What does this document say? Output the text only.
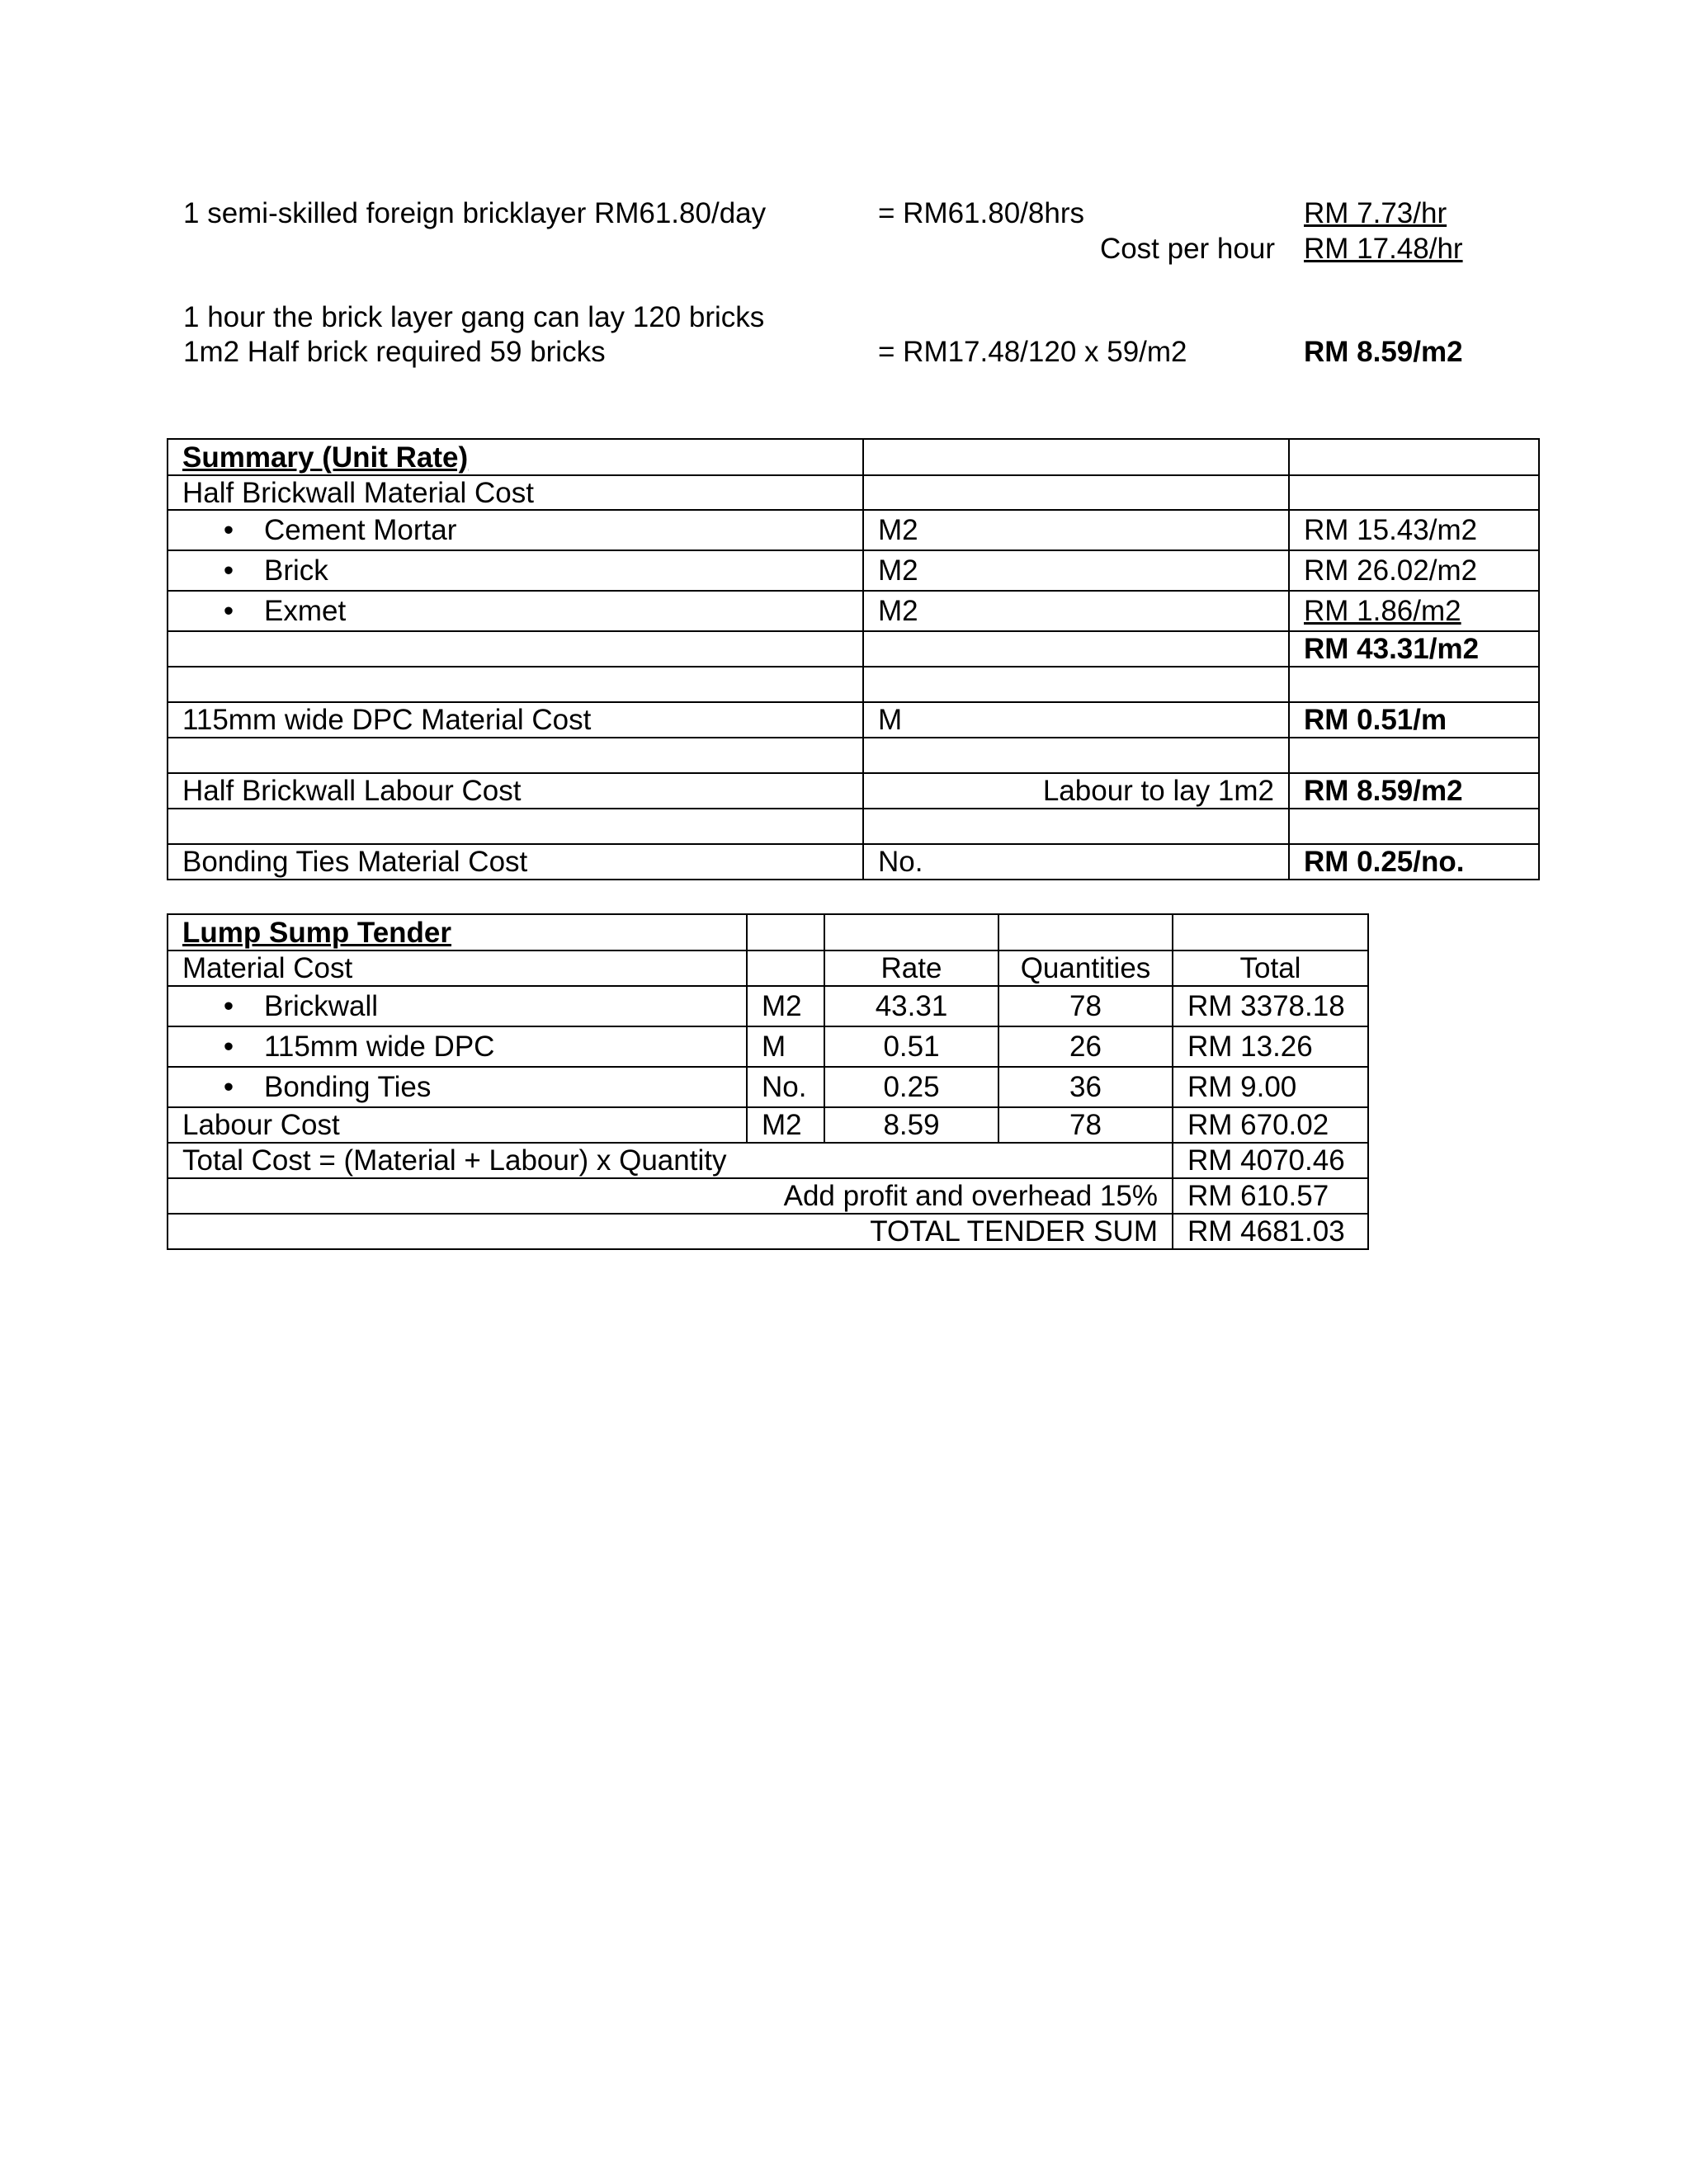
1 semi-skilled foreign bricklayer RM61.80/day	= RM61.80/8hrs	RM 7.73/hr
Cost per hour RM 17.48/hr
1 hour the brick layer gang can lay 120 bricks
1m2 Half brick required 59 bricks	= RM17.48/120 x 59/m2	RM 8.59/m2
Summary (Unit Rate)		
Half Brickwall Material Cost		
• Cement Mortar	M2	RM 15.43/m2
• Brick	M2	RM 26.02/m2
• Exmet	M2	RM 1.86/m2
		RM 43.31/m2

115mm wide DPC Material Cost	M	RM 0.51/m

Half Brickwall Labour Cost	Labour to lay 1m2	RM 8.59/m2

Bonding Ties Material Cost	No.	RM 0.25/no.
Lump Sump Tender				
Material Cost		Rate	Quantities	Total
• Brickwall	M2	43.31	78	RM 3378.18
• 115mm wide DPC	M	0.51	26	RM 13.26
• Bonding Ties	No.	0.25	36	RM 9.00
Labour Cost	M2	8.59	78	RM 670.02
Total Cost = (Material + Labour) x Quantity				RM 4070.46
Add profit and overhead 15%				RM 610.57
TOTAL TENDER SUM				RM 4681.03
